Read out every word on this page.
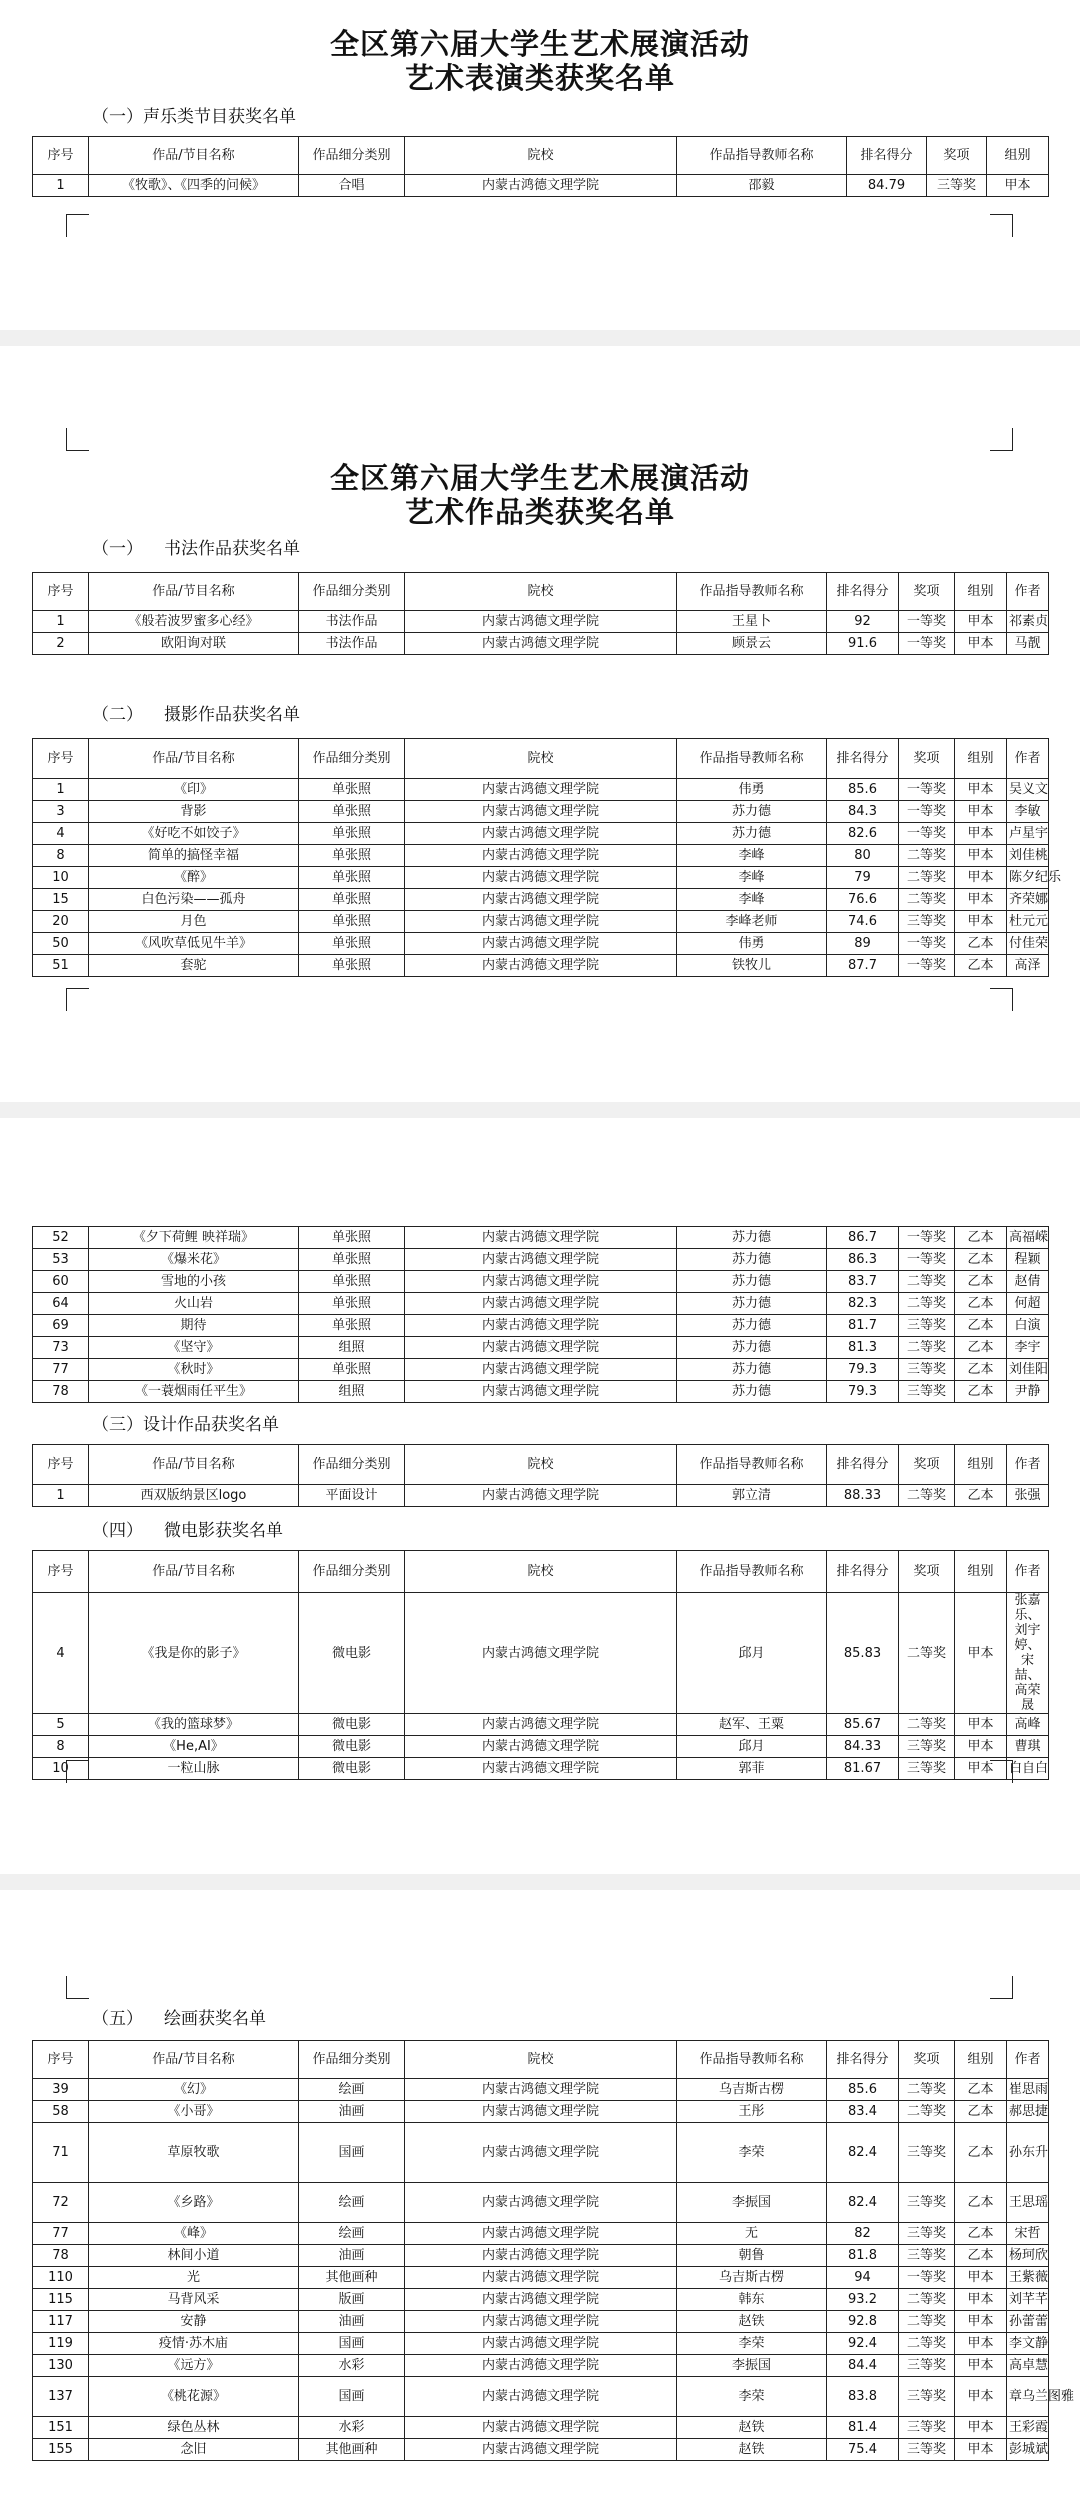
全区第六届大学生艺术展演活动
艺术表演类获奖名单
（一）声乐类节目获奖名单
序号	作品/节目名称	作品细分类别	院校	作品指导教师名称	排名得分	奖项	组别
1	《牧歌》、《四季的问候》	合唱	内蒙古鸿德文理学院	邵毅	84.79	三等奖	甲本
全区第六届大学生艺术展演活动
艺术作品类获奖名单
（一） 书法作品获奖名单
序号	作品/节目名称	作品细分类别	院校	作品指导教师名称	排名得分	奖项	组别	作者
1	《般若波罗蜜多心经》	书法作品	内蒙古鸿德文理学院	王星卜	92	一等奖	甲本	祁素贞
2	欧阳询对联	书法作品	内蒙古鸿德文理学院	顾景云	91.6	一等奖	甲本	马靓
（二） 摄影作品获奖名单
序号	作品/节目名称	作品细分类别	院校	作品指导教师名称	排名得分	奖项	组别	作者
1	《印》	单张照	内蒙古鸿德文理学院	伟勇	85.6	一等奖	甲本	吴义文
3	背影	单张照	内蒙古鸿德文理学院	苏力德	84.3	一等奖	甲本	李敏
4	《好吃不如饺子》	单张照	内蒙古鸿德文理学院	苏力德	82.6	一等奖	甲本	卢星宇
8	简单的搞怪幸福	单张照	内蒙古鸿德文理学院	李峰	80	二等奖	甲本	刘佳桃
10	《醉》	单张照	内蒙古鸿德文理学院	李峰	79	二等奖	甲本	陈夕纪乐
15	白色污染——孤舟	单张照	内蒙古鸿德文理学院	李峰	76.6	二等奖	甲本	齐荣娜
20	月色	单张照	内蒙古鸿德文理学院	李峰老师	74.6	三等奖	甲本	杜元元
50	《风吹草低见牛羊》	单张照	内蒙古鸿德文理学院	伟勇	89	一等奖	乙本	付佳荣
51	套驼	单张照	内蒙古鸿德文理学院	铁牧儿	87.7	一等奖	乙本	高泽
52	《夕下荷鲤 映祥瑞》	单张照	内蒙古鸿德文理学院	苏力德	86.7	一等奖	乙本	高福嵘
53	《爆米花》	单张照	内蒙古鸿德文理学院	苏力德	86.3	一等奖	乙本	程颖
60	雪地的小孩	单张照	内蒙古鸿德文理学院	苏力德	83.7	二等奖	乙本	赵倩
64	火山岩	单张照	内蒙古鸿德文理学院	苏力德	82.3	二等奖	乙本	何超
69	期待	单张照	内蒙古鸿德文理学院	苏力德	81.7	三等奖	乙本	白演
73	《坚守》	组照	内蒙古鸿德文理学院	苏力德	81.3	二等奖	乙本	李宇
77	《秋时》	单张照	内蒙古鸿德文理学院	苏力德	79.3	三等奖	乙本	刘佳阳
78	《一蓑烟雨任平生》	组照	内蒙古鸿德文理学院	苏力德	79.3	三等奖	乙本	尹静
（三）设计作品获奖名单
序号	作品/节目名称	作品细分类别	院校	作品指导教师名称	排名得分	奖项	组别	作者
1	西双版纳景区logo	平面设计	内蒙古鸿德文理学院	郭立清	88.33	二等奖	乙本	张强
（四） 微电影获奖名单
序号	作品/节目名称	作品细分类别	院校	作品指导教师名称	排名得分	奖项	组别	作者
4	《我是你的影子》	微电影	内蒙古鸿德文理学院	邱月	85.83	二等奖	甲本	张嘉乐、刘宇婷、宋喆、高荣晟
5	《我的篮球梦》	微电影	内蒙古鸿德文理学院	赵军、王粟	85.67	二等奖	甲本	高峰
8	《He,AI》	微电影	内蒙古鸿德文理学院	邱月	84.33	三等奖	甲本	曹琪
10	一粒山脉	微电影	内蒙古鸿德文理学院	郭菲	81.67	三等奖	甲本	白自白
（五） 绘画获奖名单
序号	作品/节目名称	作品细分类别	院校	作品指导教师名称	排名得分	奖项	组别	作者
39	《幻》	绘画	内蒙古鸿德文理学院	乌吉斯古楞	85.6	二等奖	乙本	崔思雨
58	《小哥》	油画	内蒙古鸿德文理学院	王彤	83.4	二等奖	乙本	郝思捷
71	草原牧歌	国画	内蒙古鸿德文理学院	李荣	82.4	三等奖	乙本	孙东升
72	《乡路》	绘画	内蒙古鸿德文理学院	李振国	82.4	三等奖	乙本	王思瑶
77	《峰》	绘画	内蒙古鸿德文理学院	无	82	三等奖	乙本	宋哲
78	林间小道	油画	内蒙古鸿德文理学院	朝鲁	81.8	三等奖	乙本	杨珂欣
110	光	其他画种	内蒙古鸿德文理学院	乌吉斯古楞	94	一等奖	甲本	王紫薇
115	马背风采	版画	内蒙古鸿德文理学院	韩东	93.2	二等奖	甲本	刘芊芊
117	安静	油画	内蒙古鸿德文理学院	赵铁	92.8	二等奖	甲本	孙蕾蕾
119	疫情·苏木庙	国画	内蒙古鸿德文理学院	李荣	92.4	二等奖	甲本	李文静
130	《远方》	水彩	内蒙古鸿德文理学院	李振国	84.4	三等奖	甲本	高卓慧
137	《桃花源》	国画	内蒙古鸿德文理学院	李荣	83.8	三等奖	甲本	章乌兰图雅
151	绿色丛林	水彩	内蒙古鸿德文理学院	赵铁	81.4	三等奖	甲本	王彩霞
155	念旧	其他画种	内蒙古鸿德文理学院	赵铁	75.4	三等奖	甲本	彭城斌
